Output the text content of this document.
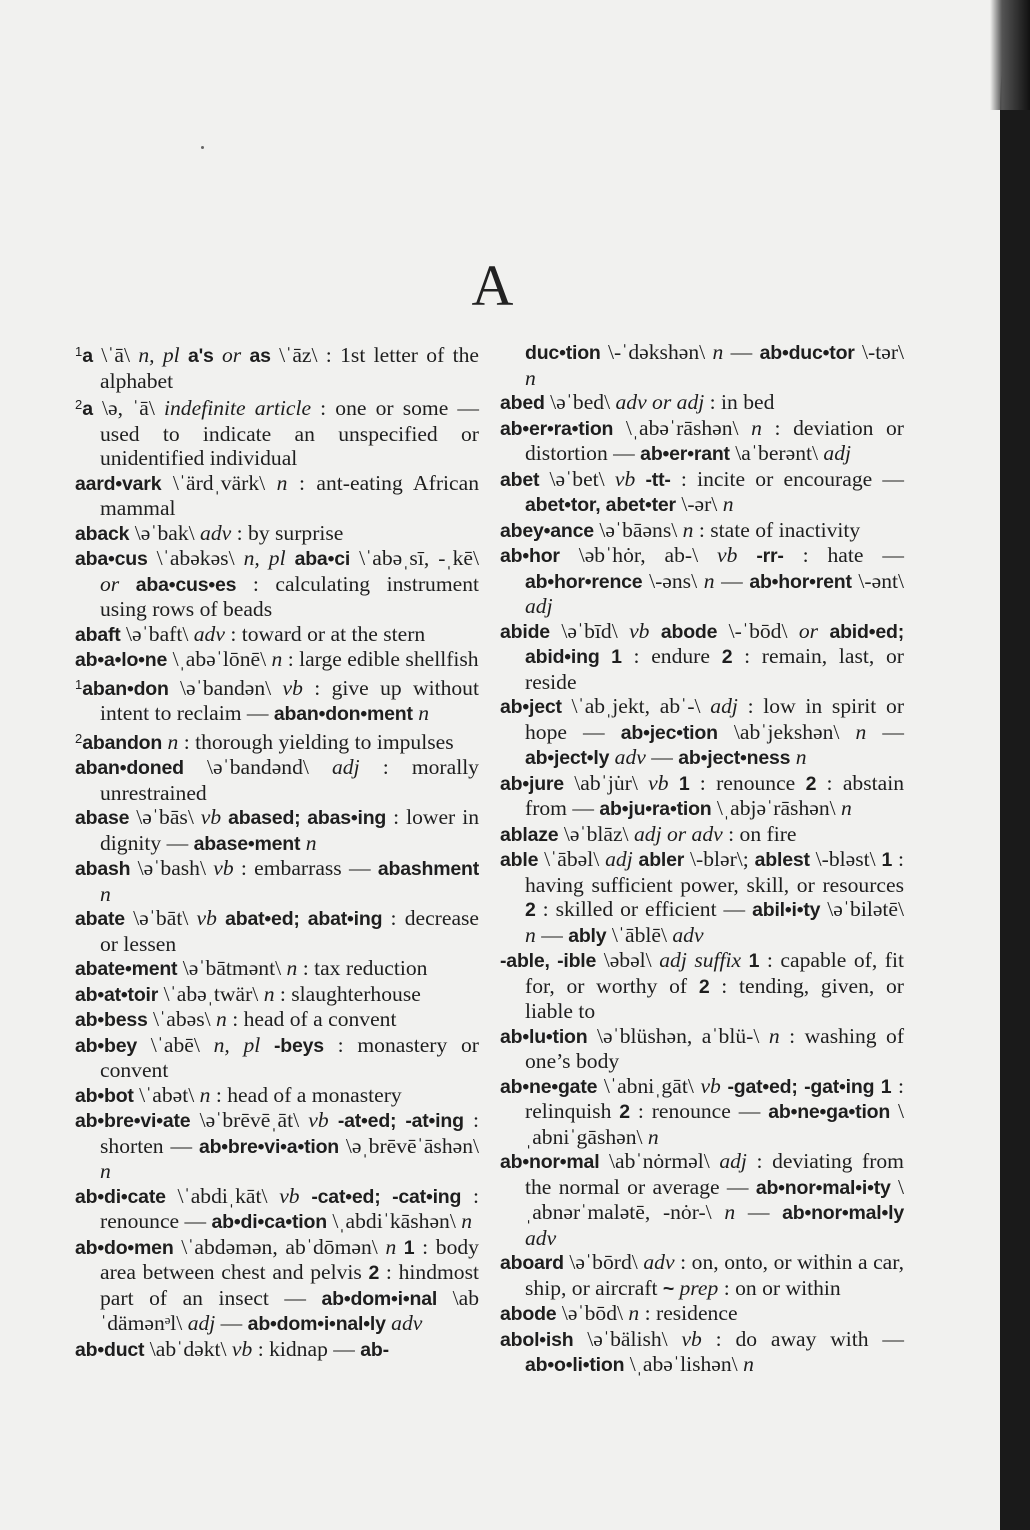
A
$^1$a \ˈā\ n, pl a's or as \ˈāz\ : 1st letter of the alphabet
$^2$a \ə, ˈā\ indefinite article : one or some — used to indicate an unspecified or unidentified individual
aard•vark \ˈärdˌvärk\ n : ant-eating African mammal
aback \əˈbak\ adv : by surprise
aba•cus \ˈabəkəs\ n, pl aba•ci \ˈabəˌsī, -ˌkē\ or aba•cus•es : calculating instrument using rows of beads
abaft \əˈbaft\ adv : toward or at the stern
ab•a•lo•ne \ˌabəˈlōnē\ n : large edible shellfish
$^1$aban•don \əˈbandən\ vb : give up without intent to reclaim — aban•don•ment n
$^2$abandon n : thorough yielding to impulses
aban•doned \əˈbandənd\ adj : morally unrestrained
abase \əˈbās\ vb abased; abas•ing : lower in dignity — abase•ment n
abash \əˈbash\ vb : embarrass — abashment n
abate \əˈbāt\ vb abat•ed; abat•ing : decrease or lessen
abate•ment \əˈbātmənt\ n : tax reduction
ab•at•toir \ˈabəˌtwär\ n : slaughterhouse
ab•bess \ˈabəs\ n : head of a convent
ab•bey \ˈabē\ n, pl -beys : monastery or convent
ab•bot \ˈabət\ n : head of a monastery
ab•bre•vi•ate \əˈbrēvēˌāt\ vb -at•ed; -at•ing : shorten — ab•bre•vi•a•tion \əˌbrēvēˈāshən\ n
ab•di•cate \ˈabdiˌkāt\ vb -cat•ed; -cat•ing : renounce — ab•di•ca•tion \ˌabdiˈkāshən\ n
ab•do•men \ˈabdəmən, abˈdōmən\ n 1 : body area between chest and pelvis 2 : hindmost part of an insect — ab•dom•i•nal \abˈdämənᵊl\ adj — ab•dom•i•nal•ly adv
ab•duct \abˈdəkt\ vb : kidnap — ab-
duc•tion \-ˈdəkshən\ n — ab•duc•tor \-tər\ n
abed \əˈbed\ adv or adj : in bed
ab•er•ra•tion \ˌabəˈrāshən\ n : deviation or distortion — ab•er•rant \aˈberənt\ adj
abet \əˈbet\ vb -tt- : incite or encourage — abet•tor, abet•ter \-ər\ n
abey•ance \əˈbāəns\ n : state of inactivity
ab•hor \əbˈhȯr, ab-\ vb -rr- : hate — ab•hor•rence \-əns\ n — ab•hor•rent \-ənt\ adj
abide \əˈbīd\ vb abode \-ˈbōd\ or abid•ed; abid•ing 1 : endure 2 : remain, last, or reside
ab•ject \ˈabˌjekt, abˈ-\ adj : low in spirit or hope — ab•jec•tion \abˈjekshən\ n — ab•ject•ly adv — ab•ject•ness n
ab•jure \abˈju̇r\ vb 1 : renounce 2 : abstain from — ab•ju•ra•tion \ˌabjəˈrāshən\ n
ablaze \əˈblāz\ adj or adv : on fire
able \ˈābəl\ adj abler \-blər\; ablest \-bləst\ 1 : having sufficient power, skill, or resources 2 : skilled or efficient — abil•i•ty \əˈbilətē\ n — ably \ˈāblē\ adv
-able, -ible \əbəl\ adj suffix 1 : capable of, fit for, or worthy of 2 : tending, given, or liable to
ab•lu•tion \əˈblüshən, aˈblü-\ n : washing of one’s body
ab•ne•gate \ˈabniˌgāt\ vb -gat•ed; -gat•ing 1 : relinquish 2 : renounce — ab•ne•ga•tion \ˌabniˈgāshən\ n
ab•nor•mal \abˈnȯrməl\ adj : deviating from the normal or average — ab•nor•mal•i•ty \ˌabnərˈmalətē, -nȯr-\ n — ab•nor•mal•ly adv
aboard \əˈbōrd\ adv : on, onto, or within a car, ship, or aircraft ~ prep : on or within
abode \əˈbōd\ n : residence
abol•ish \əˈbälish\ vb : do away with — ab•o•li•tion \ˌabəˈlishən\ n
